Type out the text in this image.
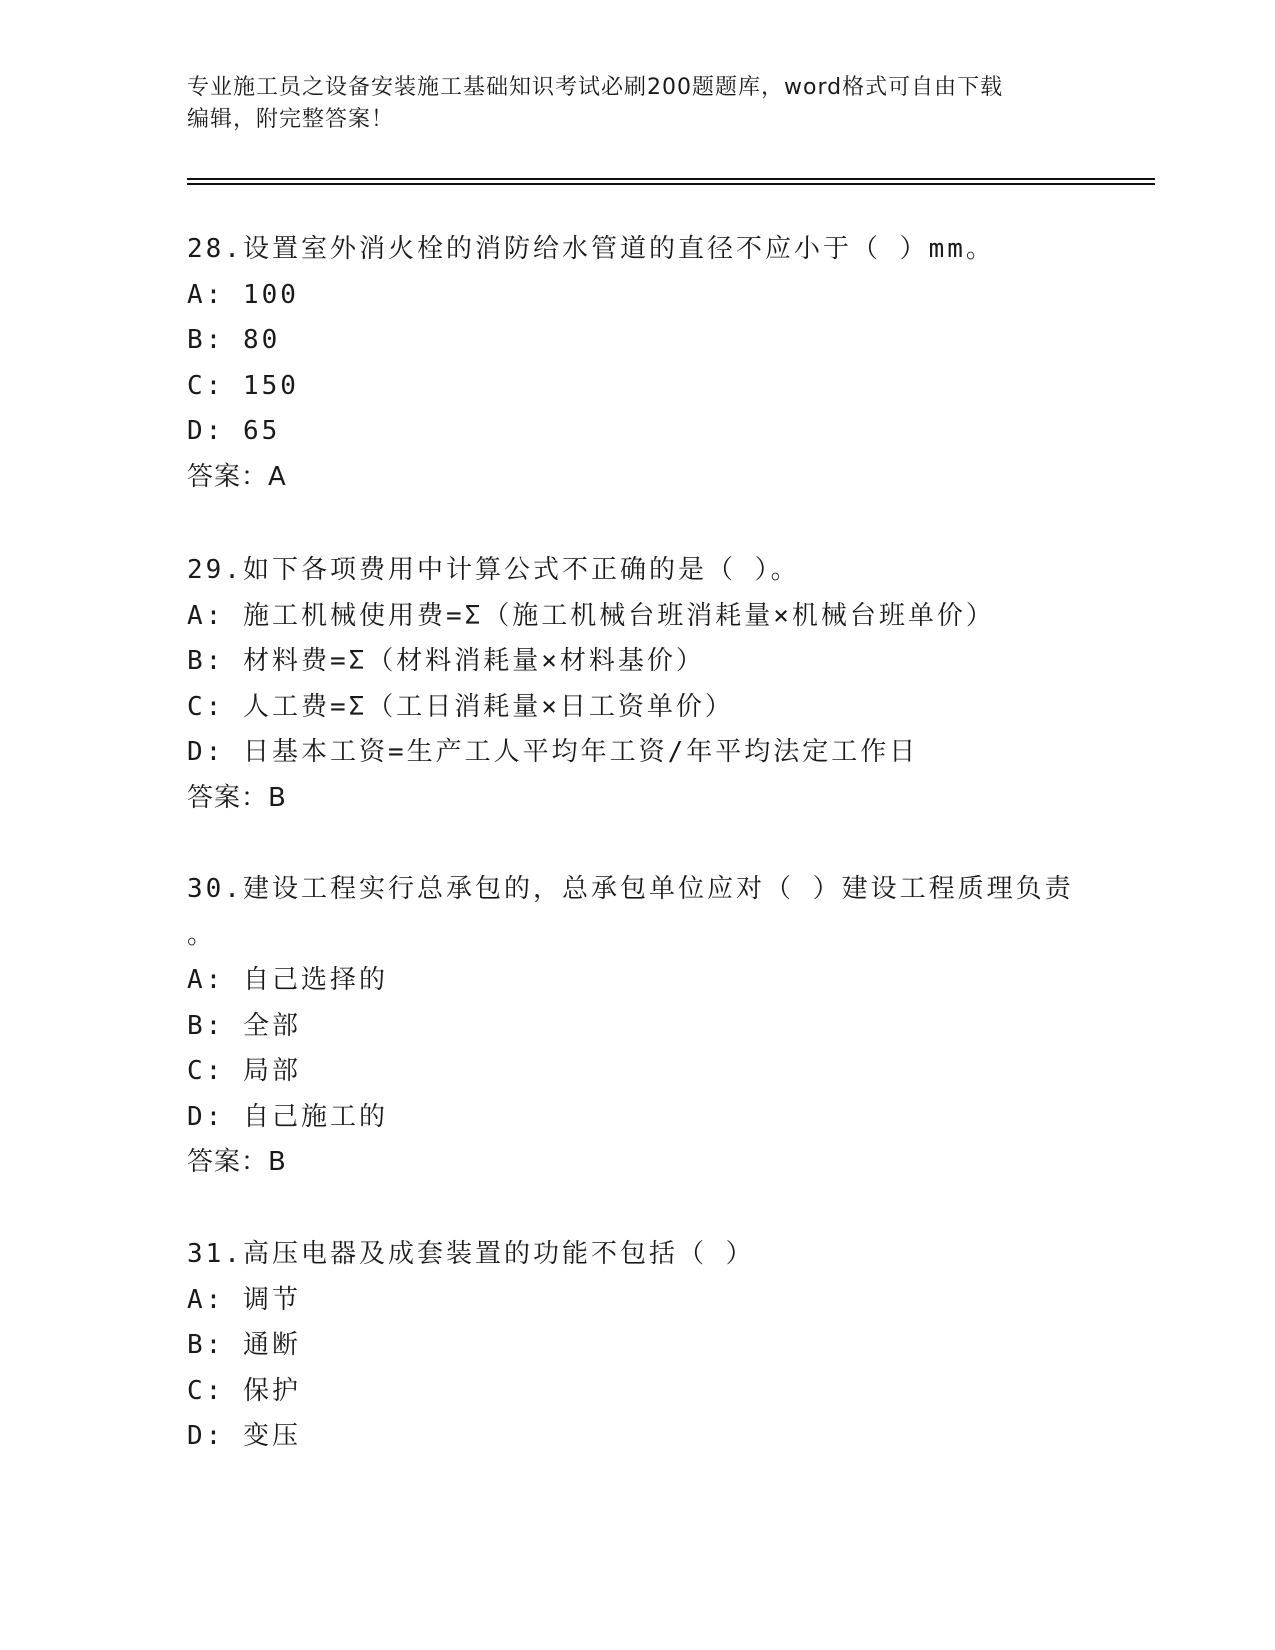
专业施工员之设备安装施工基础知识考试必刷200题题库，word格式可自由下载
编辑，附完整答案！
28.设置室外消火栓的消防给水管道的直径不应小于（ ）mm。
A: 100
B: 80
C: 150
D: 65
答案：A
29.如下各项费用中计算公式不正确的是（ ）。
A: 施工机械使用费=Σ（施工机械台班消耗量×机械台班单价）
B: 材料费=Σ（材料消耗量×材料基价）
C: 人工费=Σ（工日消耗量×日工资单价）
D: 日基本工资=生产工人平均年工资/年平均法定工作日
答案：B
30.建设工程实行总承包的，总承包单位应对（ ）建设工程质理负责
。
A: 自己选择的
B: 全部
C: 局部
D: 自己施工的
答案：B
31.高压电器及成套装置的功能不包括（ ）
A: 调节
B: 通断
C: 保护
D: 变压
